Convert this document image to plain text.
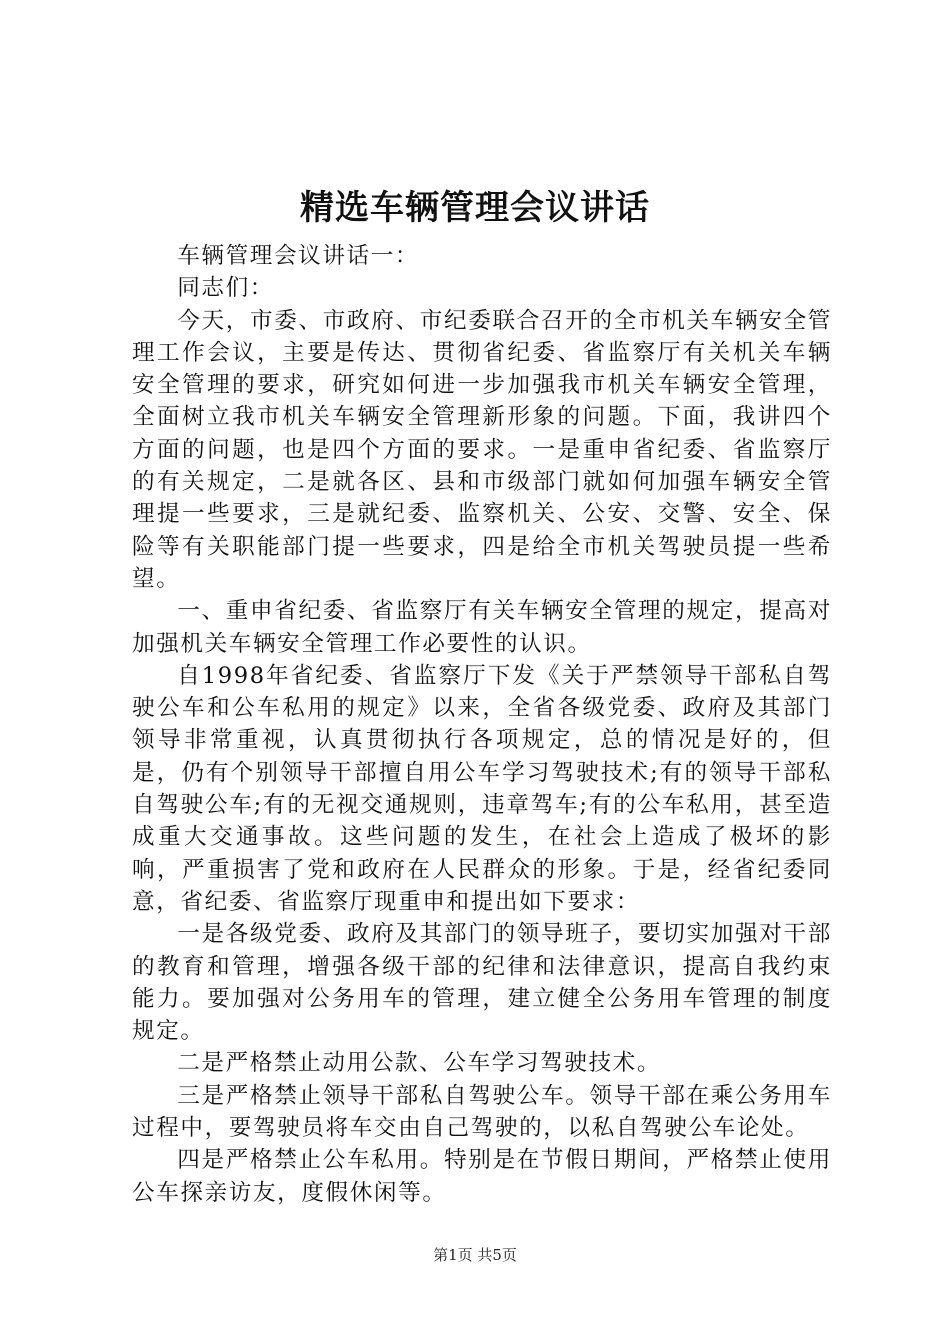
精选车辆管理会议讲话

车辆管理会议讲话一：

同志们：

今天，市委、市政府、市纪委联合召开的全市机关车辆安全管理工作会议，主要是传达、贯彻省纪委、省监察厅有关机关车辆安全管理的要求，研究如何进一步加强我市机关车辆安全管理，全面树立我市机关车辆安全管理新形象的问题。下面，我讲四个方面的问题，也是四个方面的要求。一是重申省纪委、省监察厅的有关规定，二是就各区、县和市级部门就如何加强车辆安全管理提一些要求，三是就纪委、监察机关、公安、交警、安全、保险等有关职能部门提一些要求，四是给全市机关驾驶员提一些希望。

一、重申省纪委、省监察厅有关车辆安全管理的规定，提高对加强机关车辆安全管理工作必要性的认识。

自1998年省纪委、省监察厅下发《关于严禁领导干部私自驾驶公车和公车私用的规定》以来，全省各级党委、政府及其部门领导非常重视，认真贯彻执行各项规定，总的情况是好的，但是，仍有个别领导干部擅自用公车学习驾驶技术;有的领导干部私自驾驶公车;有的无视交通规则，违章驾车;有的公车私用，甚至造成重大交通事故。这些问题的发生，在社会上造成了极坏的影响，严重损害了党和政府在人民群众的形象。于是，经省纪委同意，省纪委、省监察厅现重申和提出如下要求：

一是各级党委、政府及其部门的领导班子，要切实加强对干部的教育和管理，增强各级干部的纪律和法律意识，提高自我约束能力。要加强对公务用车的管理，建立健全公务用车管理的制度规定。

二是严格禁止动用公款、公车学习驾驶技术。

三是严格禁止领导干部私自驾驶公车。领导干部在乘公务用车过程中，要驾驶员将车交由自己驾驶的，以私自驾驶公车论处。

四是严格禁止公车私用。特别是在节假日期间，严格禁止使用公车探亲访友，度假休闲等。

第1页 共5页
